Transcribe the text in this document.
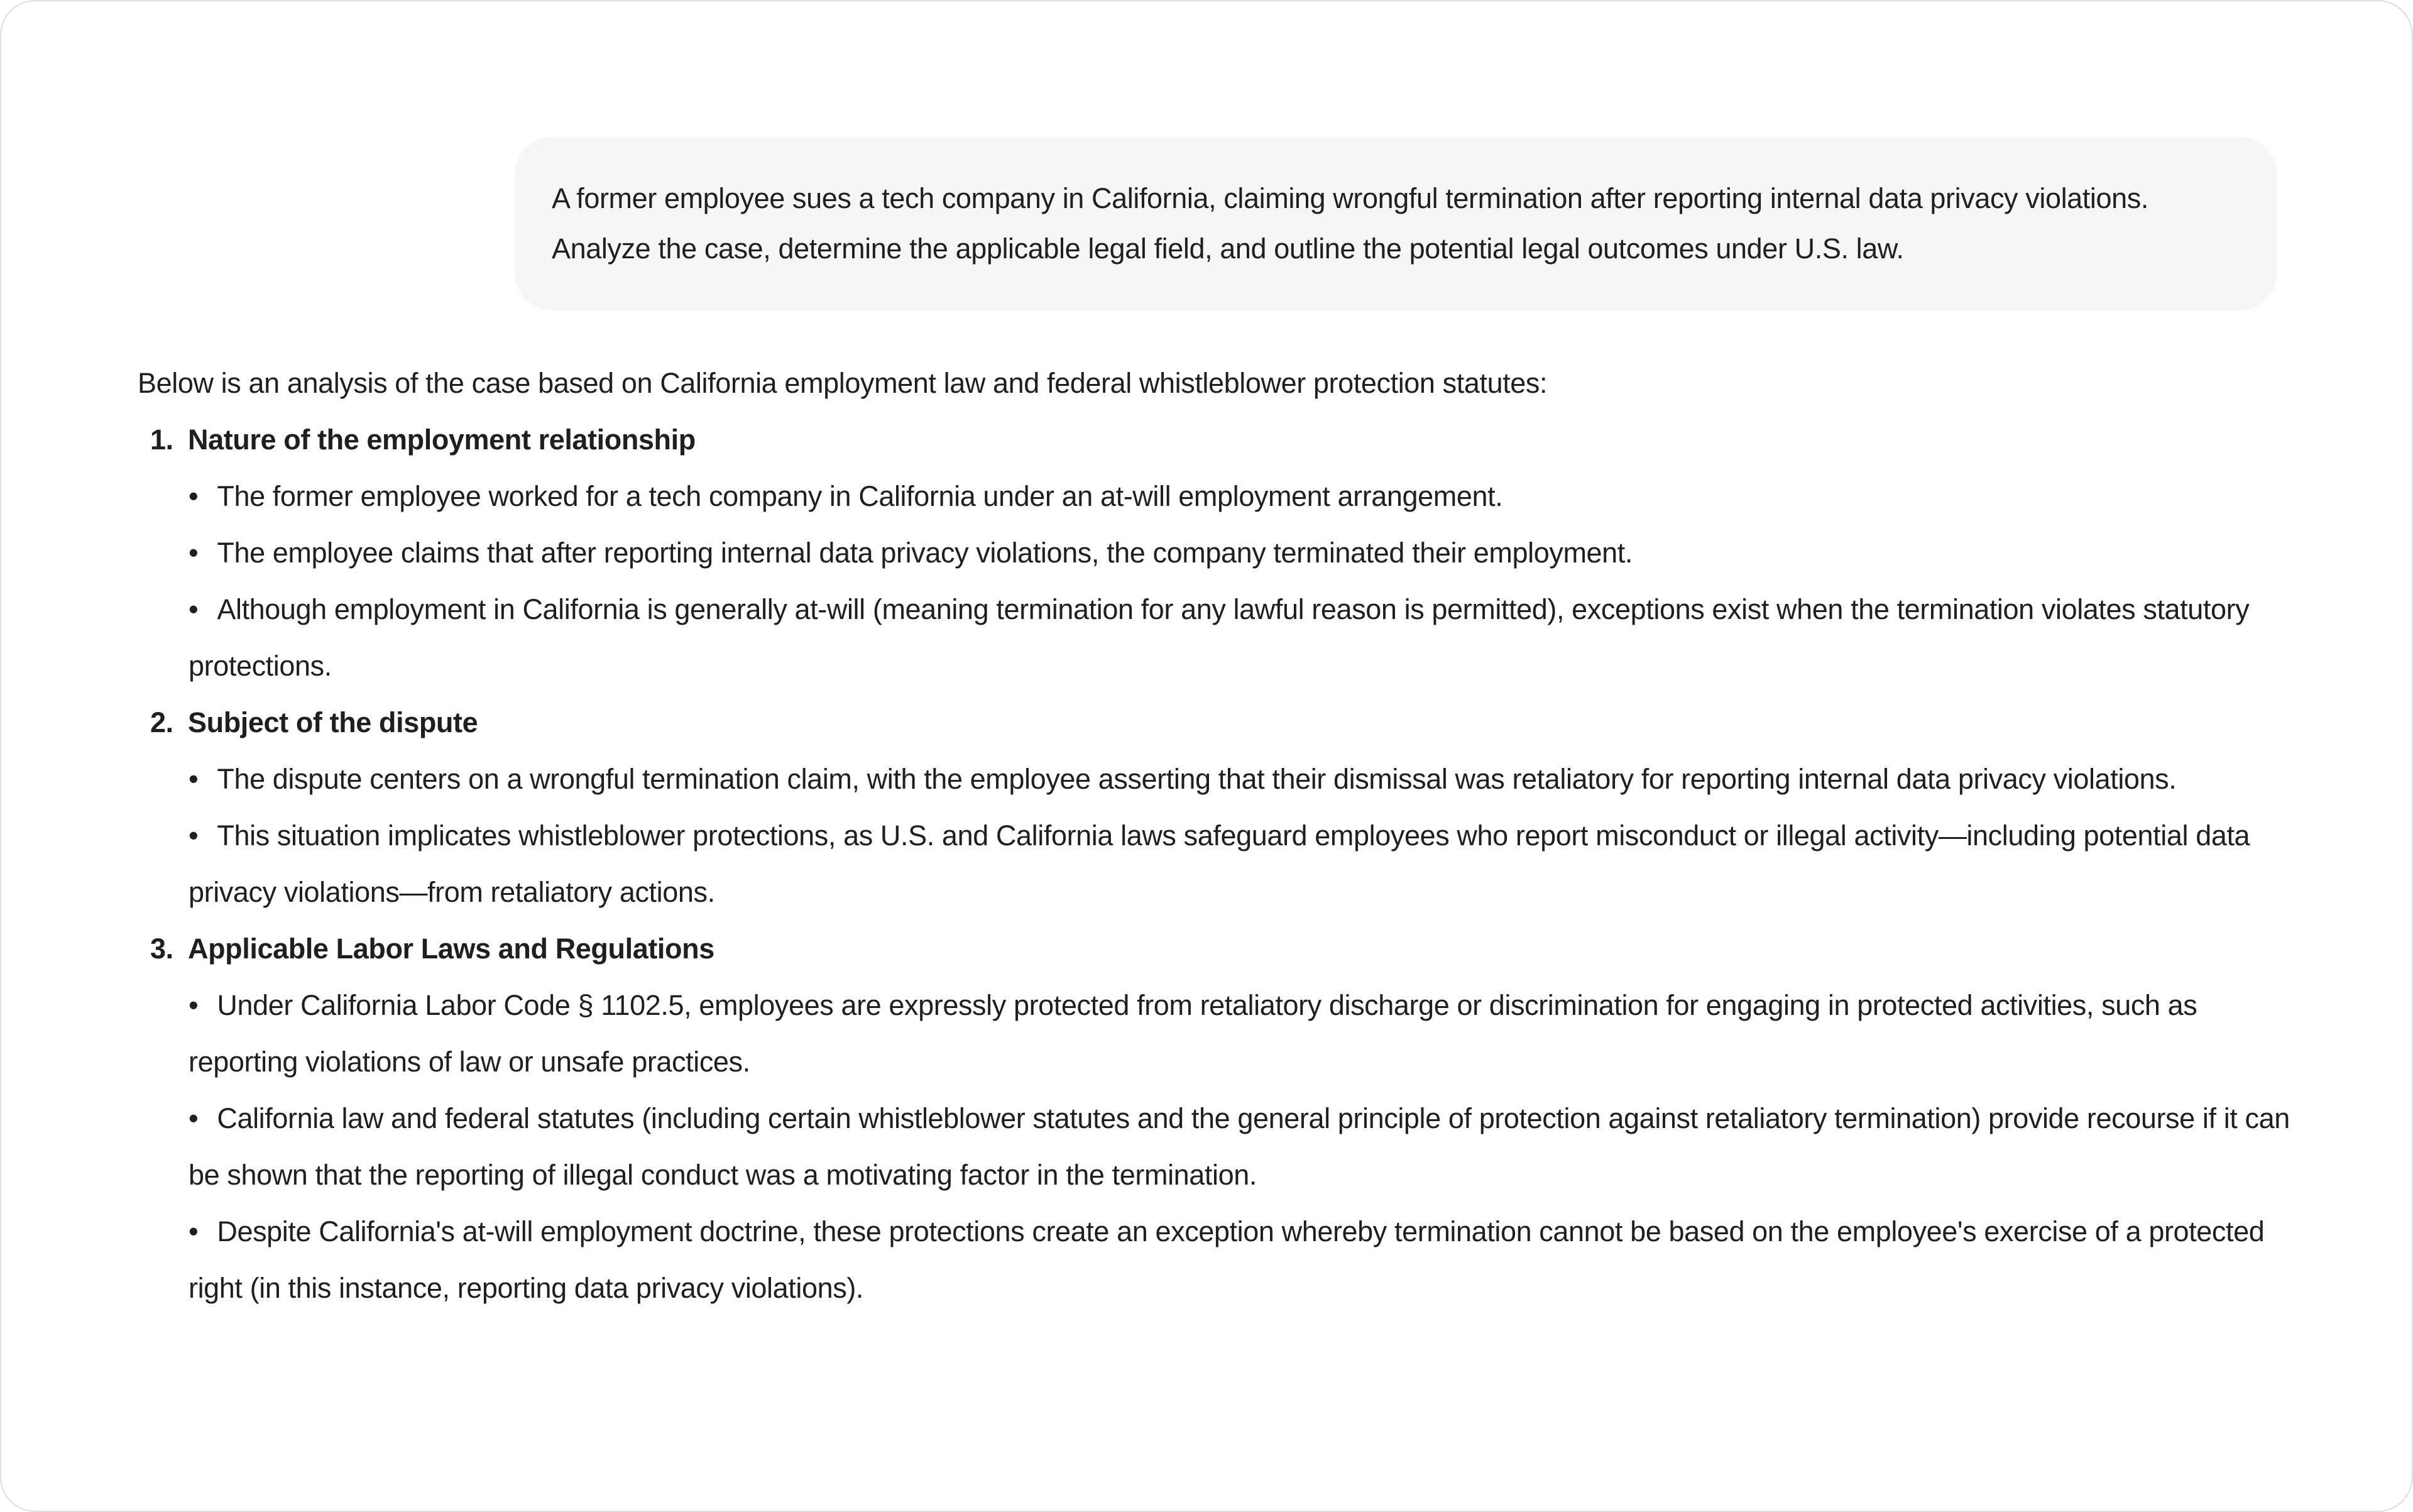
A former employee sues a tech company in California, claiming wrongful termination after reporting internal data privacy violations. Analyze the case, determine the applicable legal field, and outline the potential legal outcomes under U.S. law.

Below is an analysis of the case based on California employment law and federal whistleblower protection statutes:

1. Nature of the employment relationship
• The former employee worked for a tech company in California under an at-will employment arrangement.
• The employee claims that after reporting internal data privacy violations, the company terminated their employment.
• Although employment in California is generally at-will (meaning termination for any lawful reason is permitted), exceptions exist when the termination violates statutory protections.
2. Subject of the dispute
• The dispute centers on a wrongful termination claim, with the employee asserting that their dismissal was retaliatory for reporting internal data privacy violations.
• This situation implicates whistleblower protections, as U.S. and California laws safeguard employees who report misconduct or illegal activity—including potential data privacy violations—from retaliatory actions.
3. Applicable Labor Laws and Regulations
• Under California Labor Code § 1102.5, employees are expressly protected from retaliatory discharge or discrimination for engaging in protected activities, such as reporting violations of law or unsafe practices.
• California law and federal statutes (including certain whistleblower statutes and the general principle of protection against retaliatory termination) provide recourse if it can be shown that the reporting of illegal conduct was a motivating factor in the termination.
• Despite California's at-will employment doctrine, these protections create an exception whereby termination cannot be based on the employee's exercise of a protected right (in this instance, reporting data privacy violations).
